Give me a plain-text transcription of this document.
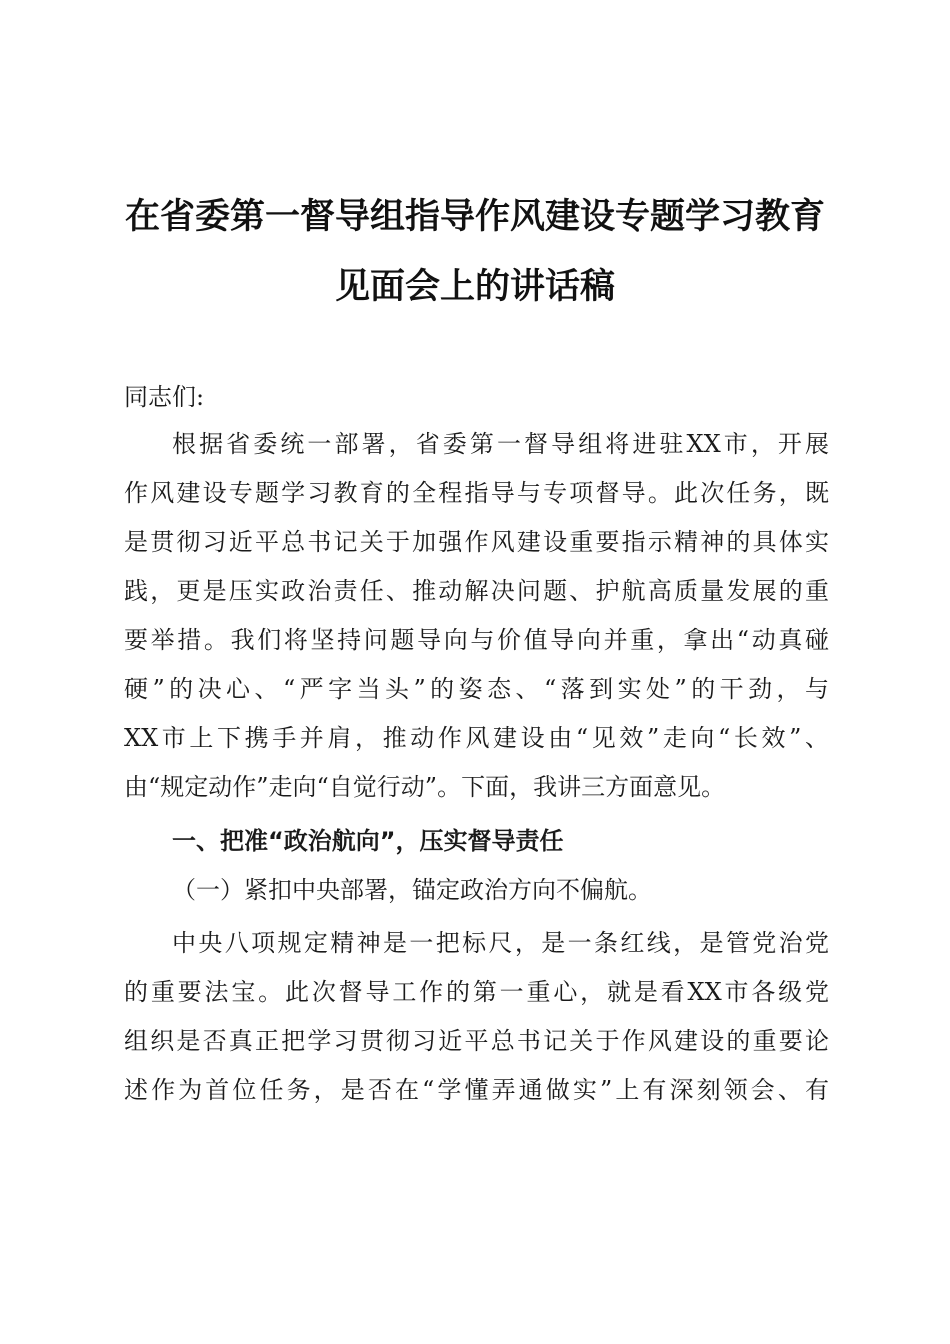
在省委第一督导组指导作风建设专题学习教育
见面会上的讲话稿

同志们:

根据省委统一部署，省委第一督导组将进驻XX市，开展
作风建设专题学习教育的全程指导与专项督导。此次任务，既
是贯彻习近平总书记关于加强作风建设重要指示精神的具体实
践，更是压实政治责任、推动解决问题、护航高质量发展的重
要举措。我们将坚持问题导向与价值导向并重，拿出“动真碰
硬”的决心、“严字当头”的姿态、“落到实处”的干劲，与
XX市上下携手并肩，推动作风建设由“见效”走向“长效”、
由“规定动作”走向“自觉行动”。下面，我讲三方面意见。

一、把准“政治航向”，压实督导责任

（一）紧扣中央部署，锚定政治方向不偏航。

中央八项规定精神是一把标尺，是一条红线，是管党治党
的重要法宝。此次督导工作的第一重心，就是看XX市各级党
组织是否真正把学习贯彻习近平总书记关于作风建设的重要论
述作为首位任务，是否在“学懂弄通做实”上有深刻领会、有
